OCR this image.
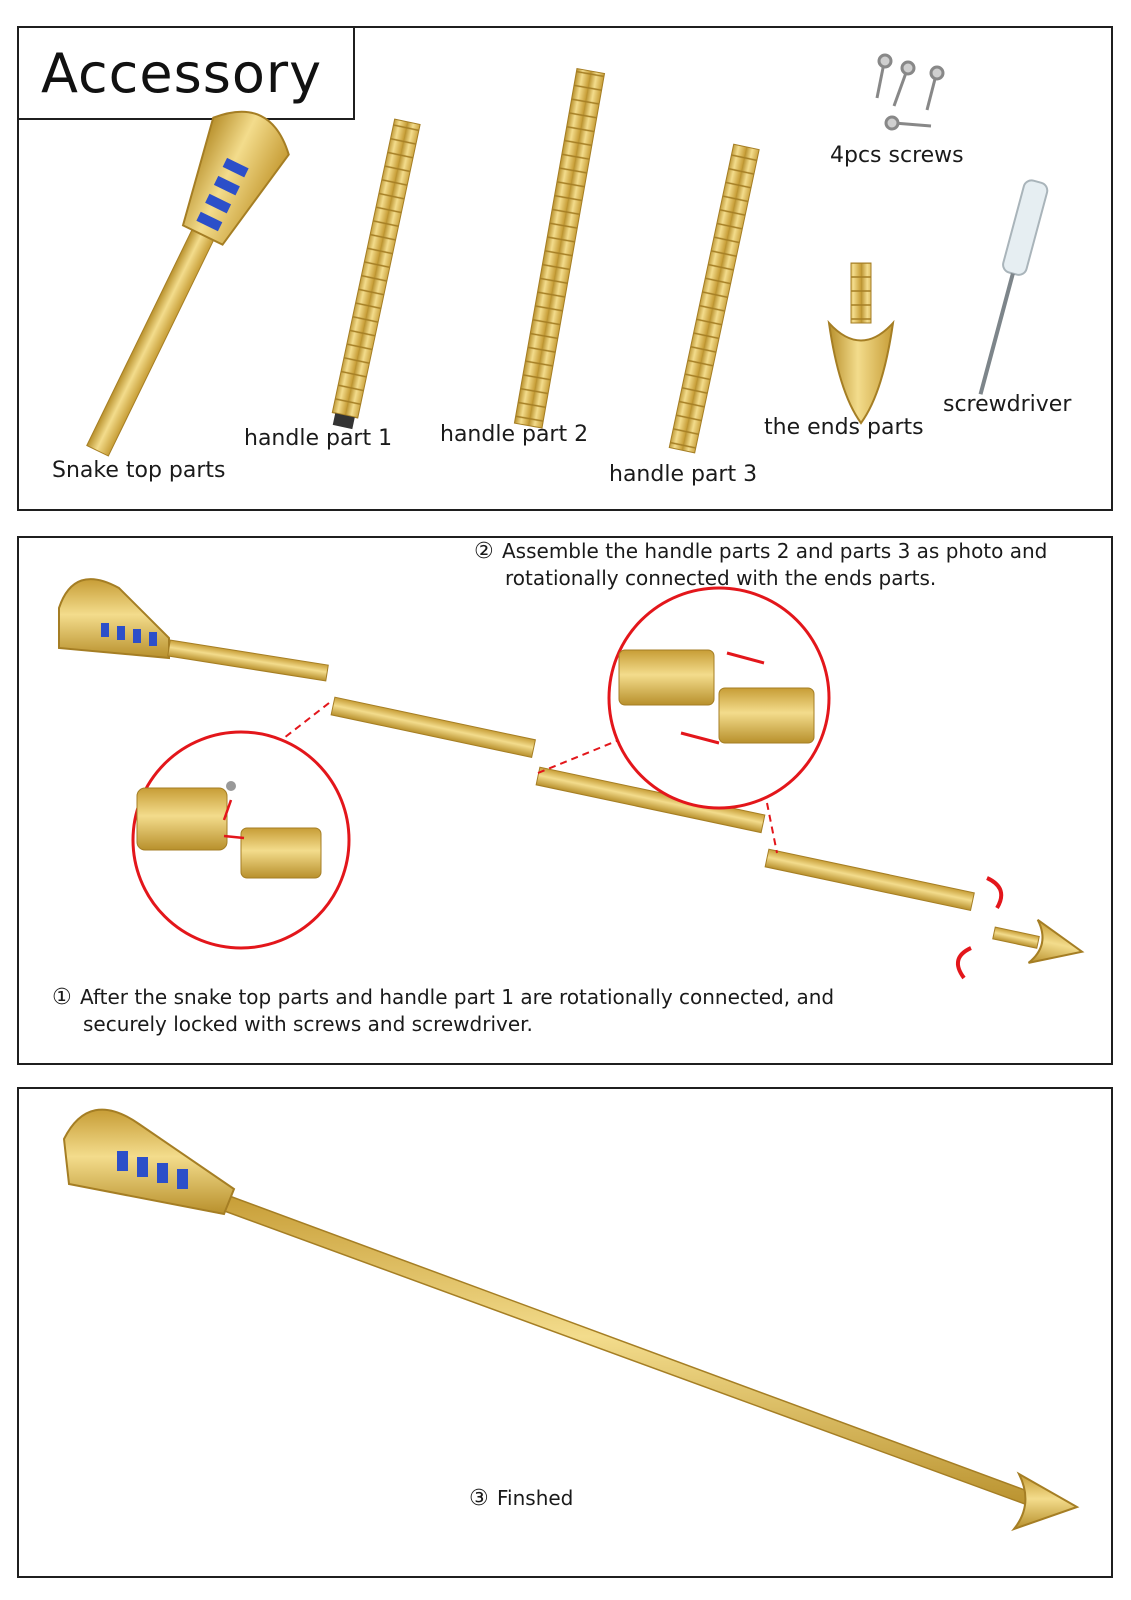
Accessory
Snake top parts
handle part 1 handle part 2
handle part 3
4pcs screws
the ends parts
screwdriver
② Assemble the handle parts 2 and parts 3 as photo and
rotationally connected with the ends parts.
① After the snake top parts and handle part 1 are rotationally connected, and
securely locked with screws and screwdriver.
③ Finshed
